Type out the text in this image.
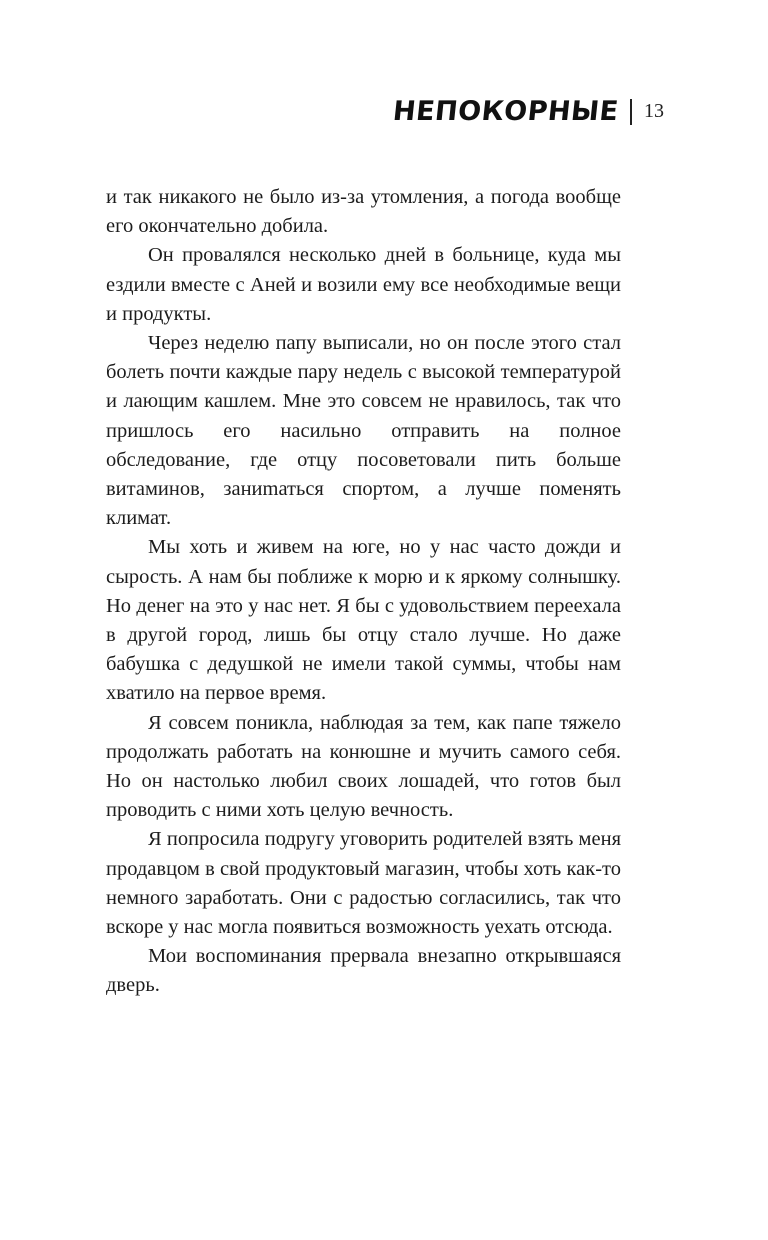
НЕПОКОРНЫЕ 13

и так никакого не было из-за утомления, а погода вообще его окончательно добила.

Он провалялся несколько дней в больнице, куда мы ездили вместе с Аней и возили ему все необходимые вещи и продукты.

Через неделю папу выписали, но он после этого стал болеть почти каждые пару недель с высокой температурой и лающим кашлем. Мне это совсем не нравилось, так что пришлось его насильно отправить на полное обследование, где отцу посоветовали пить больше витаминов, заниmаться спортом, а лучше поменять климат.

Мы хоть и живем на юге, но у нас часто дожди и сырость. А нам бы поближе к морю и к яркому солнышку. Но денег на это у нас нет. Я бы с удовольствием переехала в другой город, лишь бы отцу стало лучше. Но даже бабушка с дедушкой не имели такой суммы, чтобы нам хватило на первое время.

Я совсем поникла, наблюдая за тем, как папе тяжело продолжать работать на конюшне и мучить самого себя. Но он настолько любил своих лошадей, что готов был проводить с ними хоть целую вечность.

Я попросила подругу уговорить родителей взять меня продавцом в свой продуктовый магазин, чтобы хоть как-то немного заработать. Они с радостью согласились, так что вскоре у нас могла появиться возможность уехать отсюда.

Мои воспоминания прервала внезапно открывшаяся дверь.
